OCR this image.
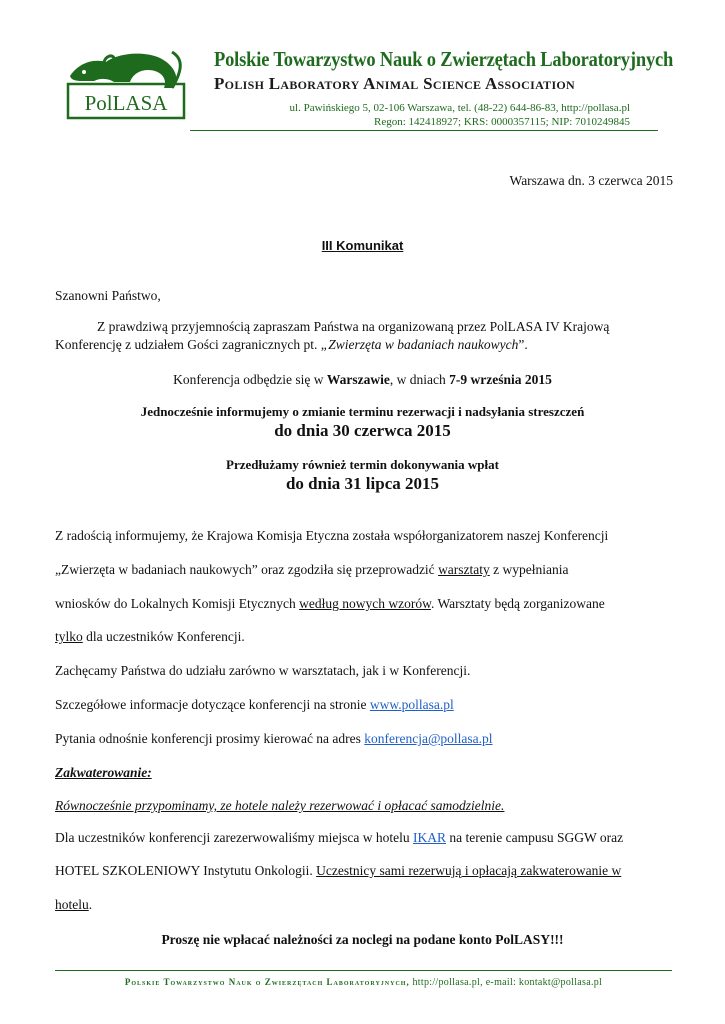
PolLASA
Polskie Towarzystwo Nauk o Zwierzętach Laboratoryjnych
Polish Laboratory Animal Science Association
ul. Pawińskiego 5, 02-106 Warszawa, tel. (48-22) 644-86-83, http://pollasa.pl
Regon: 142418927; KRS: 0000357115; NIP: 7010249845
Warszawa dn. 3 czerwca 2015
III Komunikat
Szanowni Państwo,
Z prawdziwą przyjemnością zapraszam Państwa na organizowaną przez PolLASA IV Krajową
Konferencję z udziałem Gości zagranicznych pt. „Zwierzęta w badaniach naukowych”.
Konferencja odbędzie się w Warszawie, w dniach 7-9 września 2015
Jednocześnie informujemy o zmianie terminu rezerwacji i nadsyłania streszczeń
do dnia 30 czerwca 2015
Przedłużamy również termin dokonywania wpłat
do dnia 31 lipca 2015
Z radością informujemy, że Krajowa Komisja Etyczna została współorganizatorem naszej Konferencji
„Zwierzęta w badaniach naukowych” oraz zgodziła się przeprowadzić warsztaty z wypełniania
wniosków do Lokalnych Komisji Etycznych według nowych wzorów. Warsztaty będą zorganizowane
tylko dla uczestników Konferencji.
Zachęcamy Państwa do udziału zarówno w warsztatach, jak i w Konferencji.
Szczegółowe informacje dotyczące konferencji na stronie www.pollasa.pl
Pytania odnośnie konferencji prosimy kierować na adres konferencja@pollasa.pl
Zakwaterowanie:
Równocześnie przypominamy, ze hotele należy rezerwować i opłacać samodzielnie.
Dla uczestników konferencji zarezerwowaliśmy miejsca w hotelu IKAR na terenie campusu SGGW oraz
HOTEL SZKOLENIOWY Instytutu Onkologii. Uczestnicy sami rezerwują i opłacają zakwaterowanie w
hotelu.
Proszę nie wpłacać należności za noclegi na podane konto PolLASY!!!
Polskie Towarzystwo Nauk o Zwierzętach Laboratoryjnych, http://pollasa.pl, e-mail: kontakt@pollasa.pl
